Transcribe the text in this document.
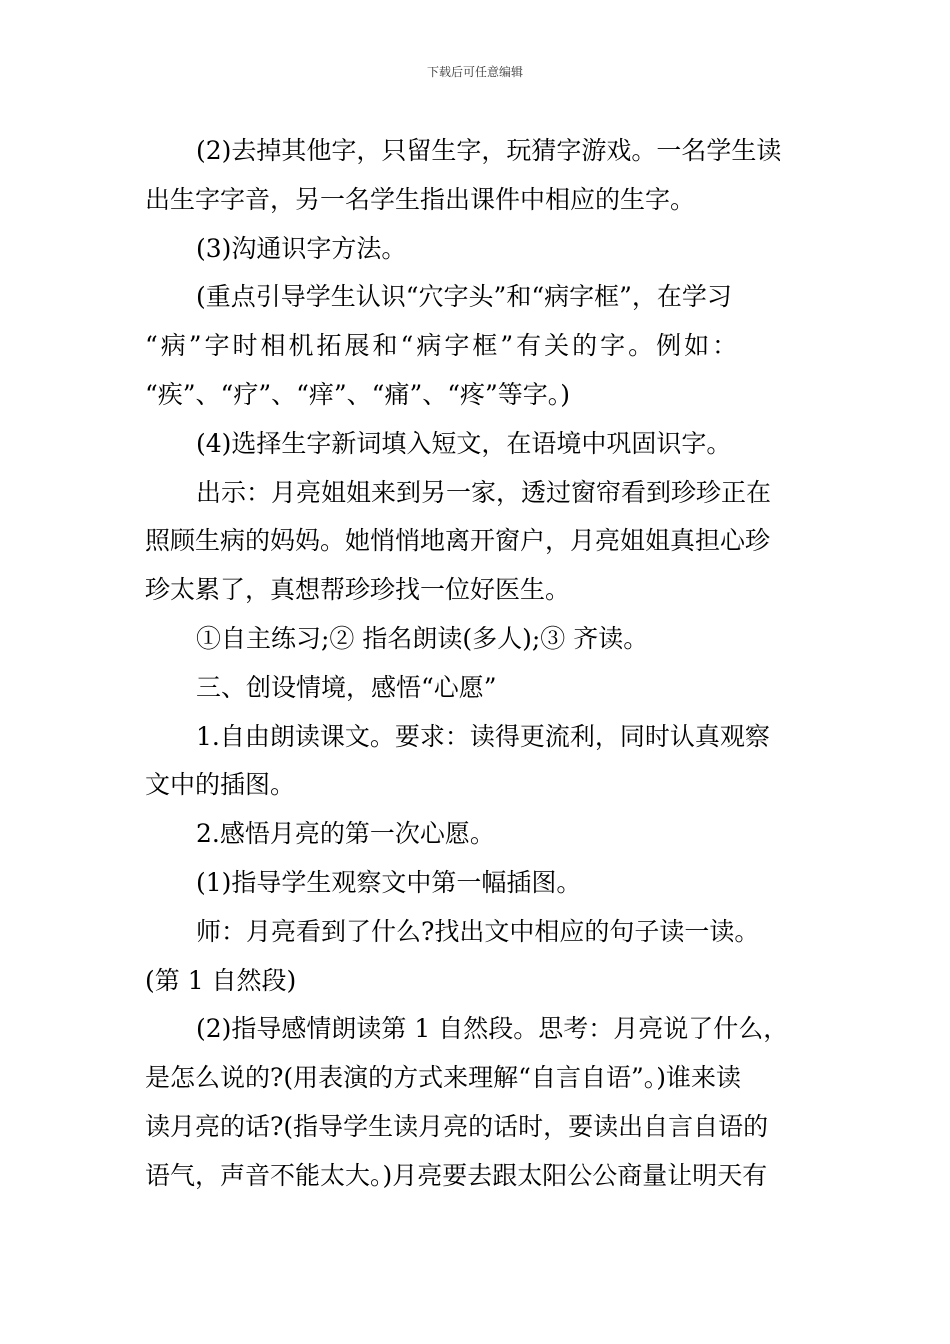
下载后可任意编辑
(2)去掉其他字，只留生字，玩猜字游戏。一名学生读
出生字字音，另一名学生指出课件中相应的生字。
(3)沟通识字方法。
(重点引导学生认识“穴字头”和“病字框”，在学习
“病”字时相机拓展和“病字框”有关的字。例如：
“疾”、“疗”、“痒”、“痛”、“疼”等字。)
(4)选择生字新词填入短文，在语境中巩固识字。
出示：月亮姐姐来到另一家，透过窗帘看到珍珍正在
照顾生病的妈妈。她悄悄地离开窗户，月亮姐姐真担心珍
珍太累了，真想帮珍珍找一位好医生。
①自主练习;② 指名朗读(多人);③ 齐读。
三、创设情境，感悟“心愿”
1.自由朗读课文。要求：读得更流利，同时认真观察
文中的插图。
2.感悟月亮的第一次心愿。
(1)指导学生观察文中第一幅插图。
师：月亮看到了什么?找出文中相应的句子读一读。
(第 1 自然段)
(2)指导感情朗读第 1 自然段。思考：月亮说了什么，
是怎么说的?(用表演的方式来理解“自言自语”。)谁来读
读月亮的话?(指导学生读月亮的话时，要读出自言自语的
语气，声音不能太大。)月亮要去跟太阳公公商量让明天有
